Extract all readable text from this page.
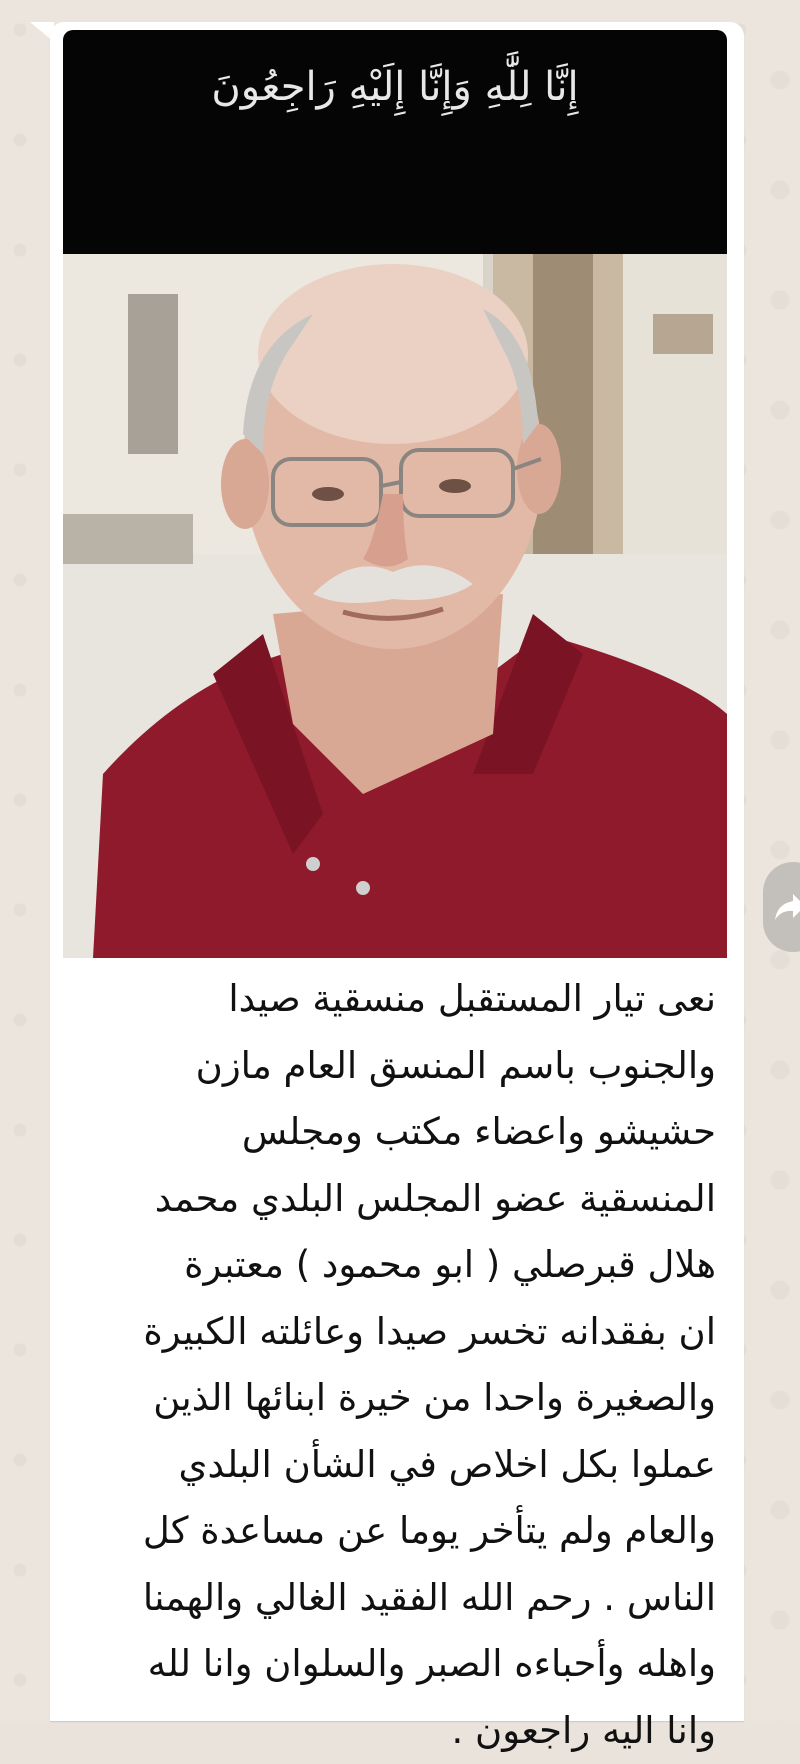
إِنَّا لِلَّٰهِ وَإِنَّا إِلَيْهِ رَاجِعُونَ
نعى تيار المستقبل منسقية صيدا
والجنوب باسم المنسق العام مازن
حشيشو واعضاء مكتب ومجلس
المنسقية عضو المجلس البلدي محمد
هلال قبرصلي ( ابو محمود ) معتبرة
ان بفقدانه تخسر صيدا وعائلته الكبيرة
والصغيرة واحدا من خيرة ابنائها الذين
عملوا بكل اخلاص في الشأن البلدي
والعام ولم يتأخر يوما عن مساعدة كل
الناس . رحم الله الفقيد الغالي والهمنا
واهله وأحباءه الصبر والسلوان وانا لله
وانا اليه راجعون .
